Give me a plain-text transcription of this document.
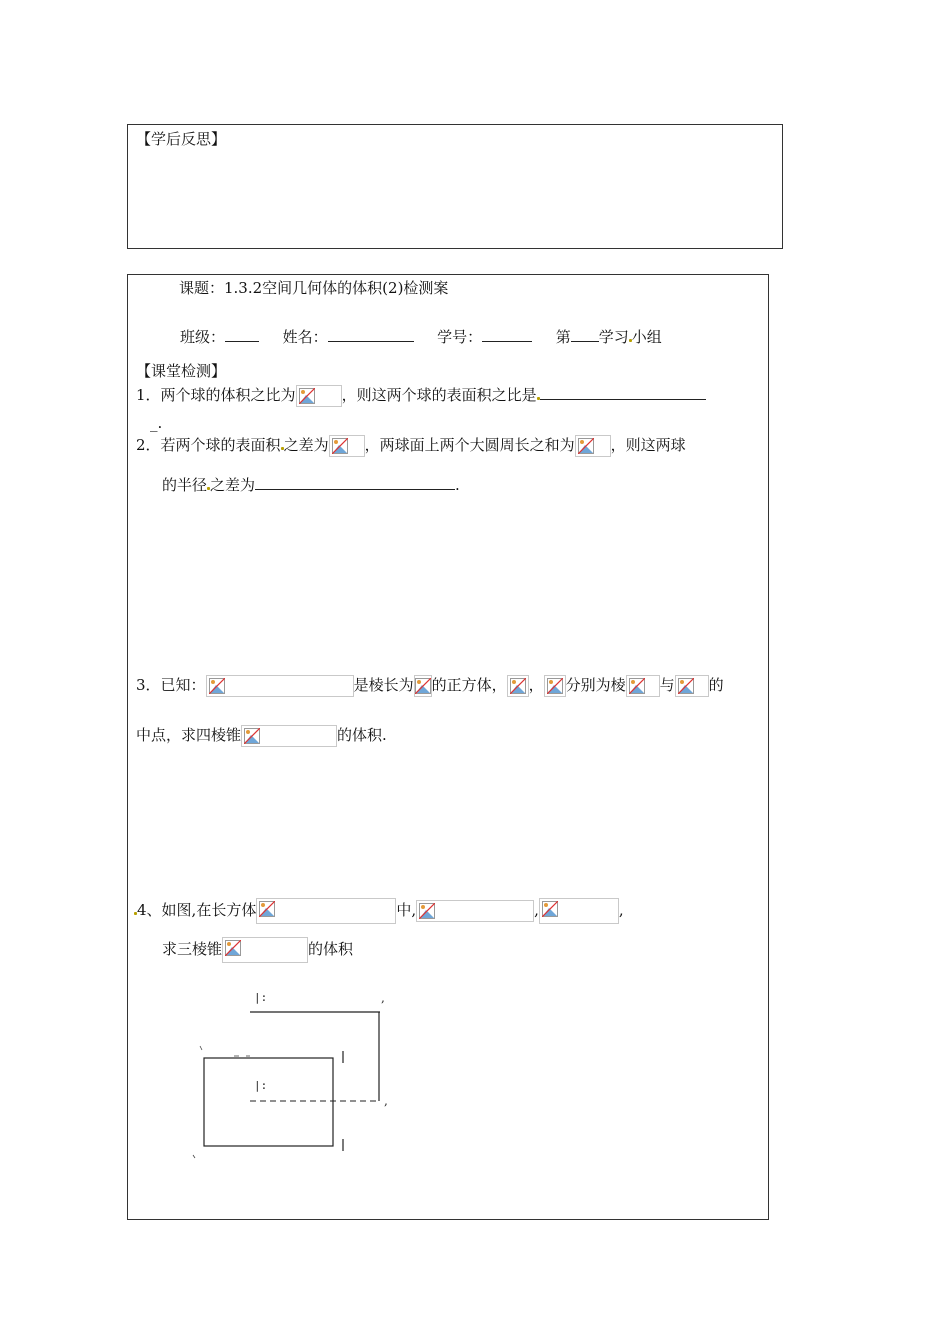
【学后反思】
课题：1.3.2空间几何体的体积(2)检测案
班级：	姓名：	学号：	第 学习 小组
【课堂检测】
1．两个球的体积之比为	，则这两个球的表面积之比是
_.
2．若两个球的表面积 之差为 ，两球面上两个大圆周长之和为 ，则这两球
的半径 之差为	.
3．已知：	是棱长为 的正方体， ， 分别为棱 与 的
中点，求四棱锥	的体积.
4、如图,在长方体	中,	,	,
求三棱锥	的体积
|:
|:
,
,
